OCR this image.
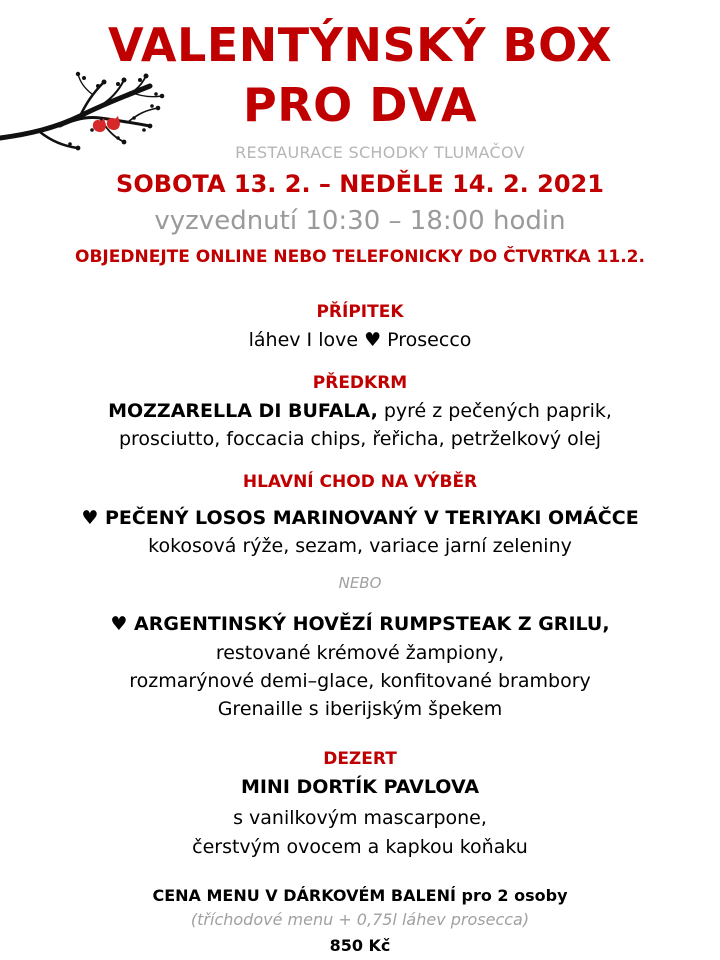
VALENTÝNSKÝ BOX
PRO DVA
RESTAURACE SCHODKY TLUMAČOV
SOBOTA 13. 2. – NEDĚLE 14. 2. 2021
vyzvednutí 10:30 – 18:00 hodin
OBJEDNEJTE ONLINE NEBO TELEFONICKY DO ČTVRTKA 11.2.
PŘÍPITEK
láhev I love ♥ Prosecco
PŘEDKRM
MOZZARELLA DI BUFALA, pyré z pečených paprik,
prosciutto, foccacia chips, řeřicha, petrželkový olej
HLAVNÍ CHOD NA VÝBĚR
♥ PEČENÝ LOSOS MARINOVANÝ V TERIYAKI OMÁČCE
kokosová rýže, sezam, variace jarní zeleniny
NEBO
♥ ARGENTINSKÝ HOVĚZÍ RUMPSTEAK Z GRILU,
restované krémové žampiony,
rozmarýnové demi–glace, konfitované brambory
Grenaille s iberijským špekem
DEZERT
MINI DORTÍK PAVLOVA
s vanilkovým mascarpone,
čerstvým ovocem a kapkou koňaku
CENA MENU V DÁRKOVÉM BALENÍ pro 2 osoby
(tříchodové menu + 0,75l láhev prosecca)
850 Kč
